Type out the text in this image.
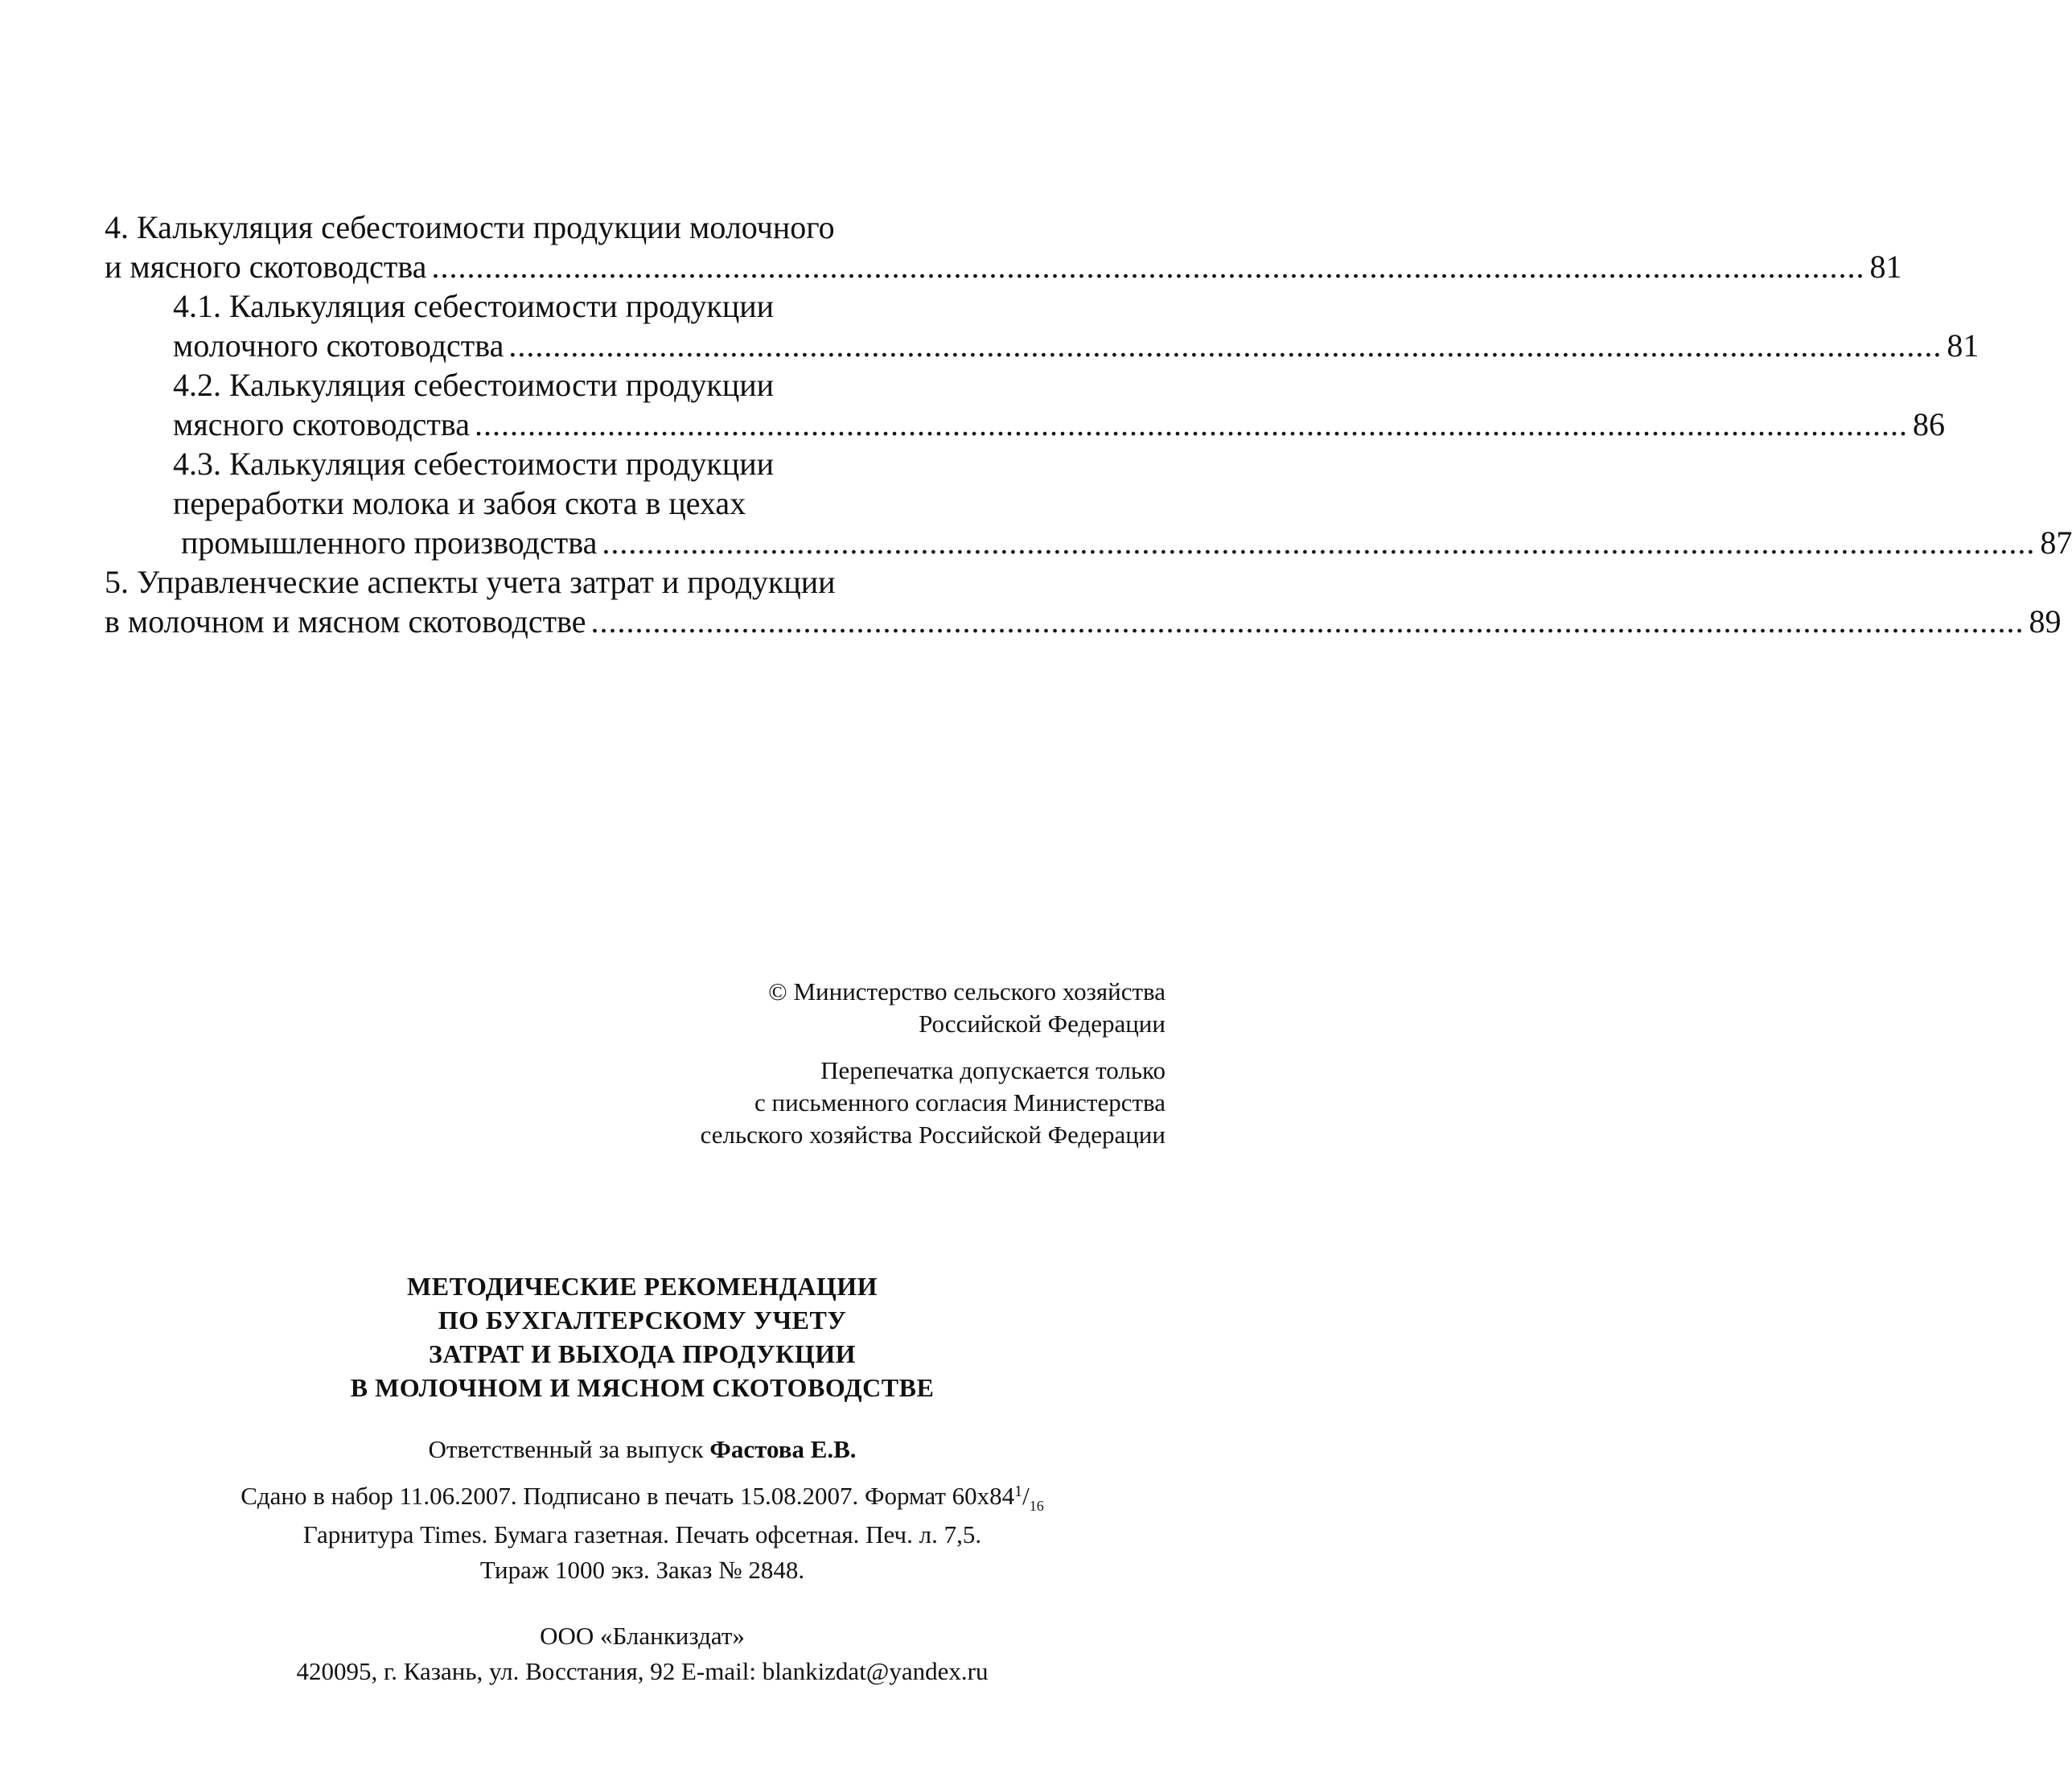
4. Калькуляция себестоимости продукции молочного
и мясного скотоводства .................................................................................................................................................................. 81
4.1. Калькуляция себестоимости продукции
молочного скотоводства .................................................................................................................................................................. 81
4.2. Калькуляция себестоимости продукции
мясного скотоводства .................................................................................................................................................................. 86
4.3. Калькуляция себестоимости продукции
переработки молока и забоя скота в цехах
промышленного производства .................................................................................................................................................................. 87
5. Управленческие аспекты учета затрат и продукции
в молочном и мясном скотоводстве .................................................................................................................................................................. 89

© Министерство сельского хозяйства

Российской Федерации

Перепечатка допускается только

с письменного согласия Министерства

сельского хозяйства Российской Федерации

МЕТОДИЧЕСКИЕ РЕКОМЕНДАЦИИ

ПО БУХГАЛТЕРСКОМУ УЧЕТУ

ЗАТРАТ И ВЫХОДА ПРОДУКЦИИ

В МОЛОЧНОМ И МЯСНОМ СКОТОВОДСТВЕ

Ответственный за выпуск Фастова Е.В.

Сдано в набор 11.06.2007. Подписано в печать 15.08.2007. Формат $60х84^1/_{16}$

Гарнитура Times. Бумага газетная. Печать офсетная. Печ. л. 7,5.

Тираж 1000 экз. Заказ № 2848.

ООО «Бланкиздат»

420095, г. Казань, ул. Восстания, 92 E-mail: blankizdat@yandex.ru
